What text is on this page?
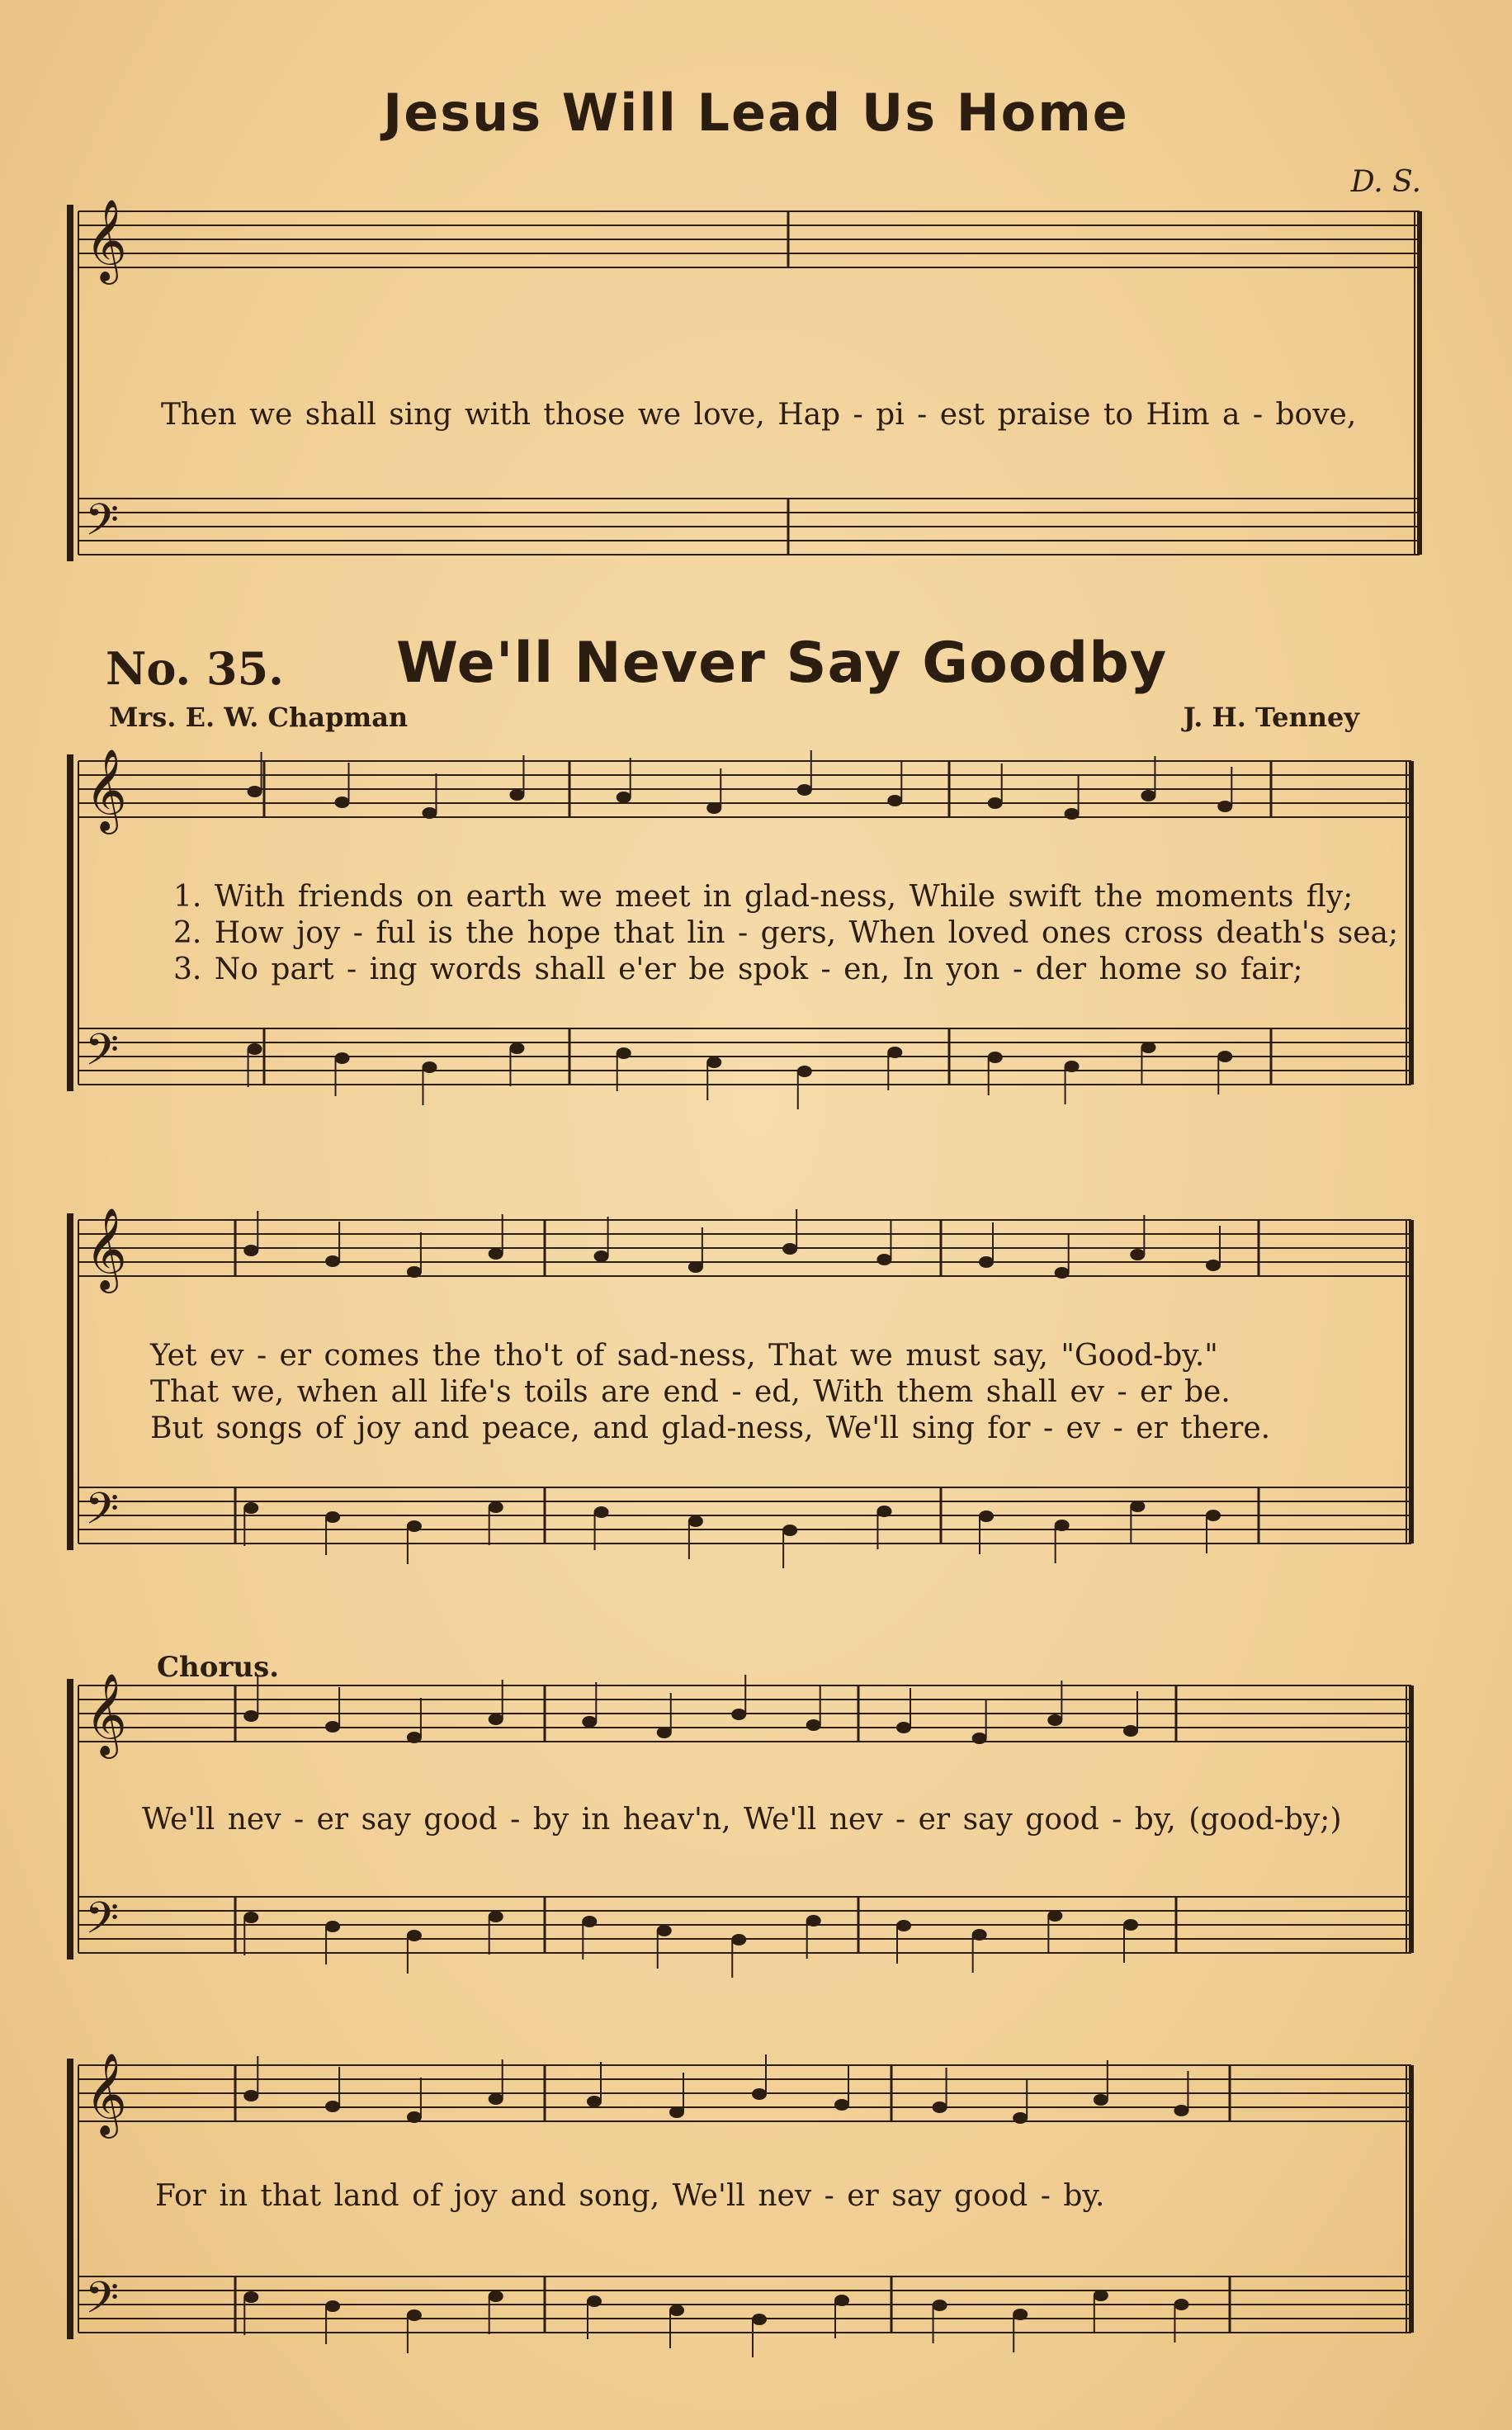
Jesus Will Lead Us Home
D. S.
Then we shall sing with those we love, Hap - pi - est praise to Him a - bove,
No. 35. We'll Never Say Goodby
Mrs. E. W. Chapman	J. H. Tenney
1. With friends on earth we meet in glad-ness, While swift the moments fly;
2. How joy - ful is the hope that lin - gers, When loved ones cross death's sea;
3. No part - ing words shall e'er be spok - en, In yon - der home so fair;
Yet ev - er comes the tho't of sad-ness, That we must say, "Good-by."
That we, when all life's toils are end - ed, With them shall ev - er be.
But songs of joy and peace, and glad-ness, We'll sing for - ev - er there.
Chorus.
We'll nev - er say good - by in heav'n, We'll nev - er say good - by, (good-by;)
For in that land of joy and song, We'll nev - er say good - by.
𝄞
𝄢
𝄞
𝄢
𝄞
𝄢
𝄞
𝄢
𝄞
𝄢
